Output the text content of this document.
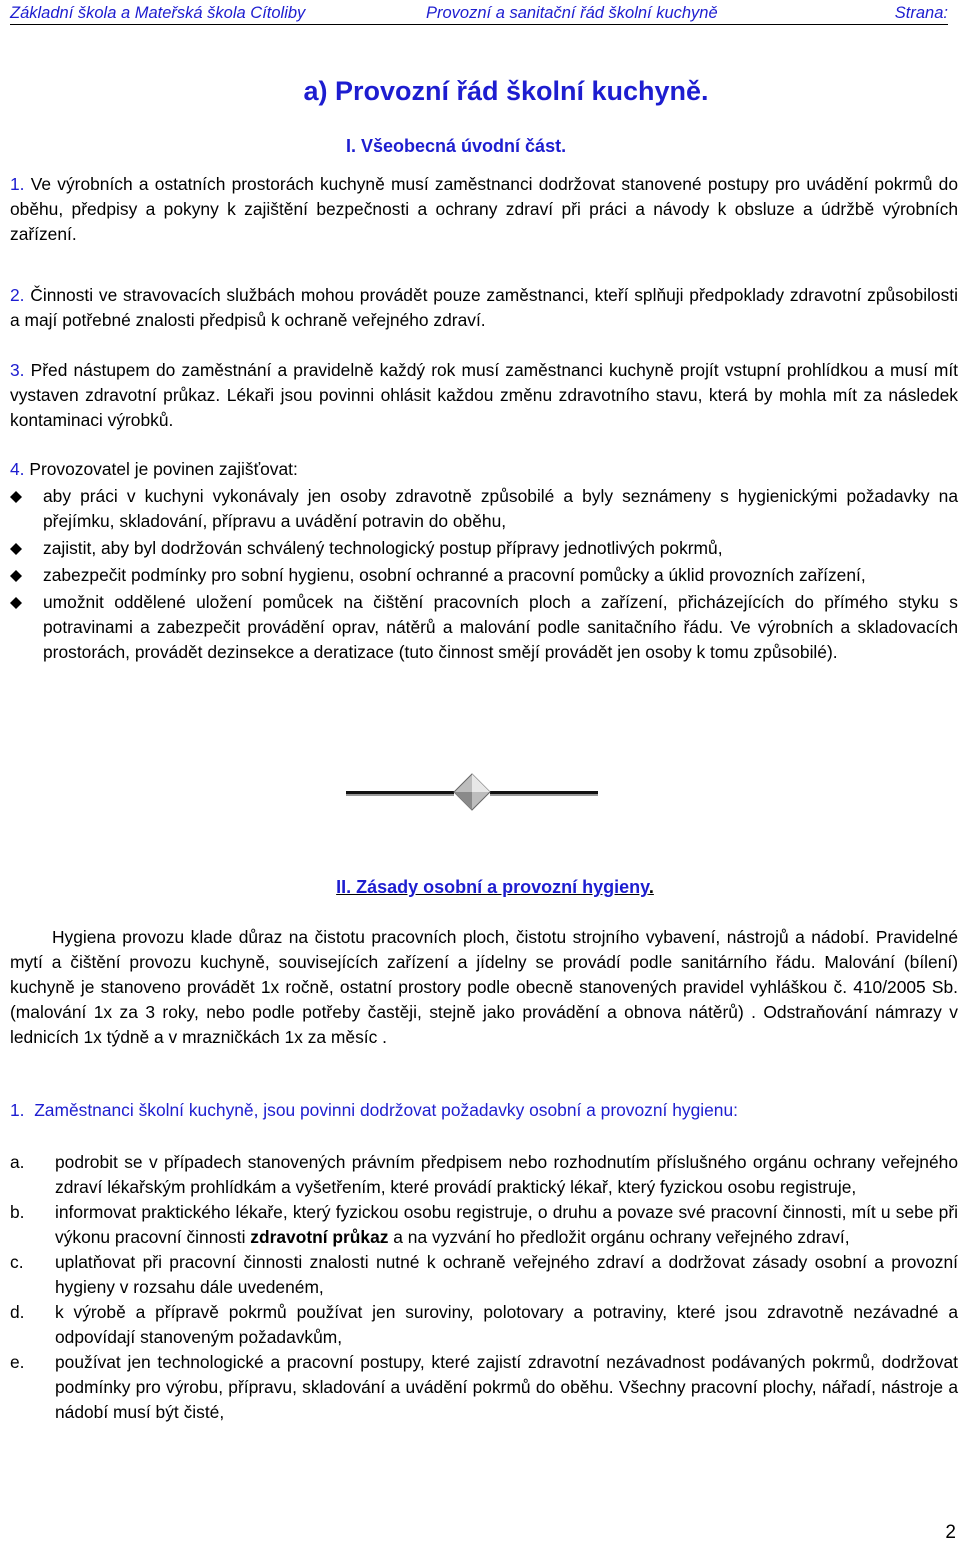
Základní škola a Mateřská škola Cítoliby	Provozní a sanitační řád školní kuchyně	Strana:
a) Provozní řád školní kuchyně.
I. Všeobecná úvodní část.
1. Ve výrobních a ostatních prostorách kuchyně musí zaměstnanci dodržovat stanovené postupy pro uvádění pokrmů do oběhu, předpisy a pokyny k zajištění bezpečnosti a ochrany zdraví při práci a návody k obsluze a údržbě výrobních zařízení.
2. Činnosti ve stravovacích službách mohou provádět pouze zaměstnanci, kteří splňuji předpoklady zdravotní způsobilosti a mají potřebné znalosti předpisů k ochraně veřejného zdraví.
3. Před nástupem do zaměstnání a pravidelně každý rok musí zaměstnanci kuchyně projít vstupní prohlídkou a musí mít vystaven zdravotní průkaz. Lékaři jsou povinni ohlásit každou změnu zdravotního stavu, která by mohla mít za následek kontaminaci výrobků.
4. Provozovatel je povinen zajišťovat:
aby práci v kuchyni vykonávaly jen osoby zdravotně způsobilé a byly seznámeny s hygienickými požadavky na přejímku, skladování, přípravu a uvádění potravin do oběhu,
zajistit, aby byl dodržován schválený technologický postup přípravy jednotlivých pokrmů,
zabezpečit podmínky pro sobní hygienu, osobní ochranné a pracovní pomůcky a úklid provozních zařízení,
umožnit oddělené uložení pomůcek na čištění pracovních ploch a zařízení, přicházejících do přímého styku s potravinami a zabezpečit provádění oprav, nátěrů a malování podle sanitačního řádu. Ve výrobních a skladovacích prostorách, provádět dezinsekce a deratizace (tuto činnost smějí provádět jen osoby k tomu způsobilé).
II. Zásady osobní a provozní hygieny.
Hygiena provozu klade důraz na čistotu pracovních ploch, čistotu strojního vybavení, nástrojů a nádobí. Pravidelné mytí a čištění provozu kuchyně, souvisejících zařízení a jídelny se provádí podle sanitárního řádu. Malování (bílení) kuchyně je stanoveno provádět 1x ročně, ostatní prostory podle obecně stanovených pravidel vyhláškou č. 410/2005 Sb. (malování 1x za 3 roky, nebo podle potřeby častěji, stejně jako provádění a obnova nátěrů) . Odstraňování námrazy v lednicích 1x týdně a v mrazničkách 1x za měsíc .
1. Zaměstnanci školní kuchyně, jsou povinni dodržovat požadavky osobní a provozní hygienu:
a. podrobit se v případech stanovených právním předpisem nebo rozhodnutím příslušného orgánu ochrany veřejného zdraví lékařským prohlídkám a vyšetřením, které provádí praktický lékař, který fyzickou osobu registruje,
b. informovat praktického lékaře, který fyzickou osobu registruje, o druhu a povaze své pracovní činnosti, mít u sebe při výkonu pracovní činnosti zdravotní průkaz a na vyzvání ho předložit orgánu ochrany veřejného zdraví,
c. uplatňovat při pracovní činnosti znalosti nutné k ochraně veřejného zdraví a dodržovat zásady osobní a provozní hygieny v rozsahu dále uvedeném,
d. k výrobě a přípravě pokrmů používat jen suroviny, polotovary a potraviny, které jsou zdravotně nezávadné a odpovídají stanoveným požadavkům,
e. používat jen technologické a pracovní postupy, které zajistí zdravotní nezávadnost podávaných pokrmů, dodržovat podmínky pro výrobu, přípravu, skladování a uvádění pokrmů do oběhu. Všechny pracovní plochy, nářadí, nástroje a nádobí musí být čisté,
2
